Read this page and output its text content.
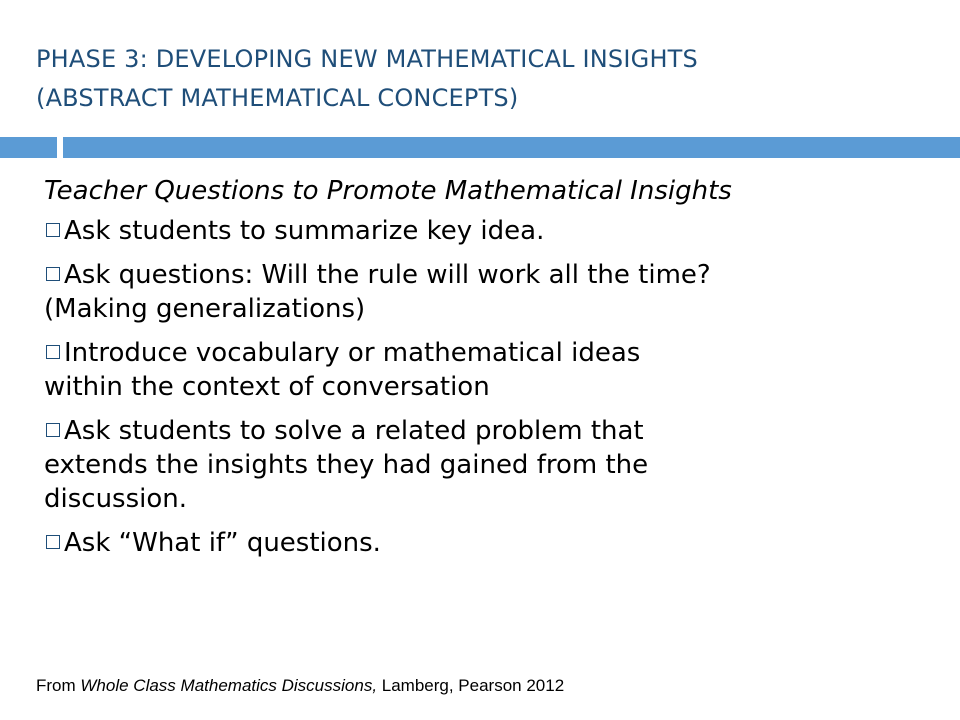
PHASE 3: DEVELOPING NEW MATHEMATICAL INSIGHTS
(ABSTRACT MATHEMATICAL CONCEPTS)
Teacher Questions to Promote Mathematical Insights
Ask students to summarize key idea.
Ask questions: Will the rule will work all the time?
(Making generalizations)
Introduce vocabulary or mathematical ideas
within the context of conversation
Ask students to solve a related problem that
extends the insights they had gained from the
discussion.
Ask “What if” questions.
From Whole Class Mathematics Discussions, Lamberg, Pearson 2012
